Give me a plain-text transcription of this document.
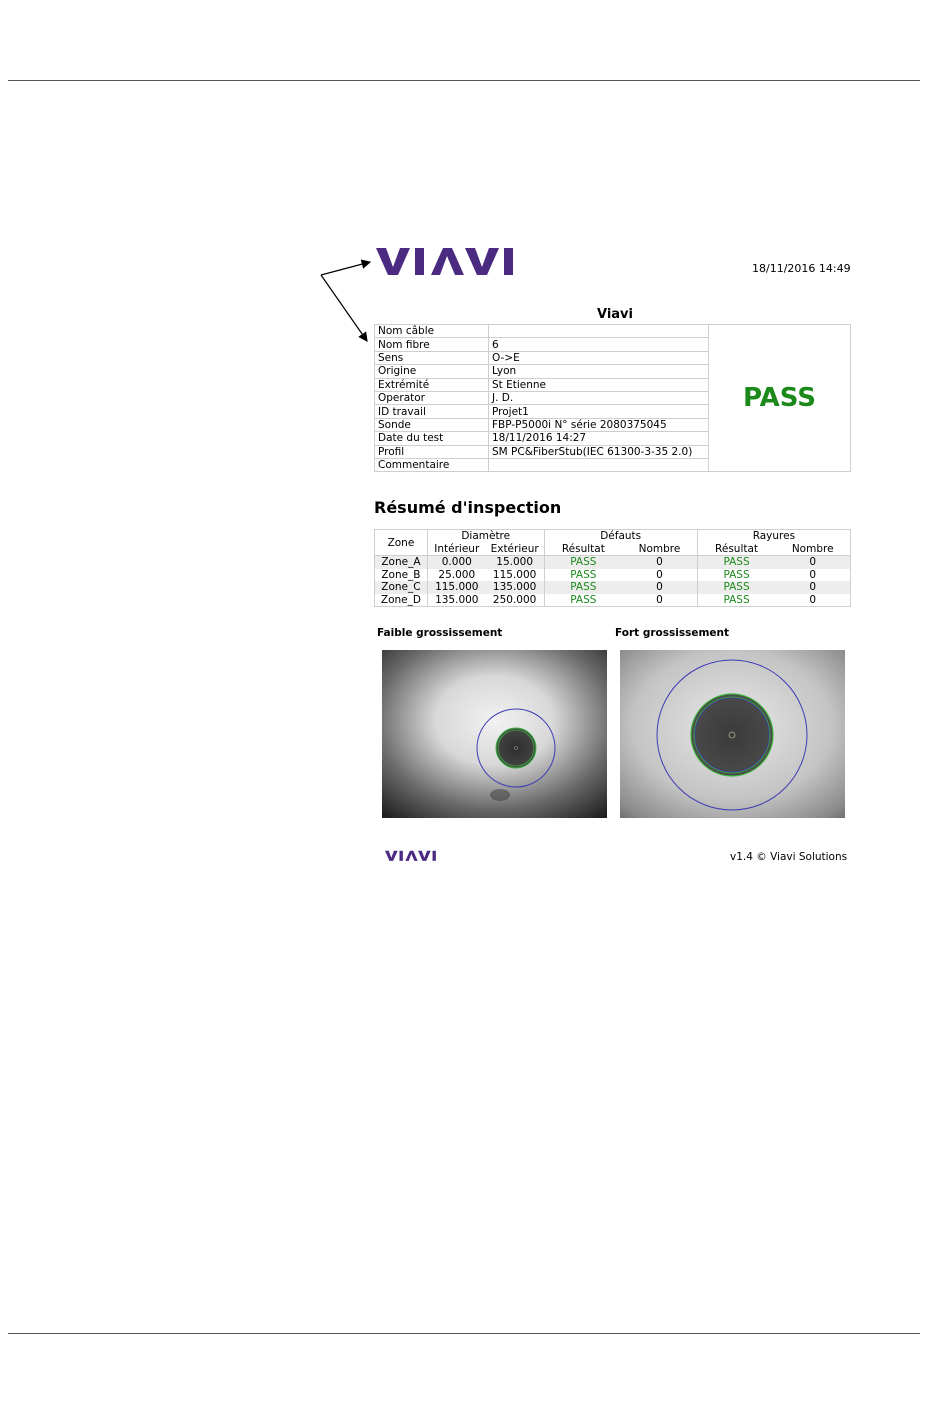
18/11/2016 14:49
Viavi
Nom câble		PASS
Nom fibre	6	
Sens	O->E	
Origine	Lyon	
Extrémité	St Etienne	
Operator	J. D.	
ID travail	Projet1	
Sonde	FBP-P5000i N° série 2080375045	
Date du test	18/11/2016 14:27	
Profil	SM PC&FiberStub(IEC 61300-3-35 2.0)	
Commentaire		
Résumé d'inspection
Zone	Diamètre		Défauts		Rayures	
	Intérieur	Extérieur	Résultat	Nombre	Résultat	Nombre
Zone_A	0.000	15.000	PASS	0	PASS	0
Zone_B	25.000	115.000	PASS	0	PASS	0
Zone_C	115.000	135.000	PASS	0	PASS	0
Zone_D	135.000	250.000	PASS	0	PASS	0
Faible grossissement	Fort grossissement
v1.4 © Viavi Solutions
